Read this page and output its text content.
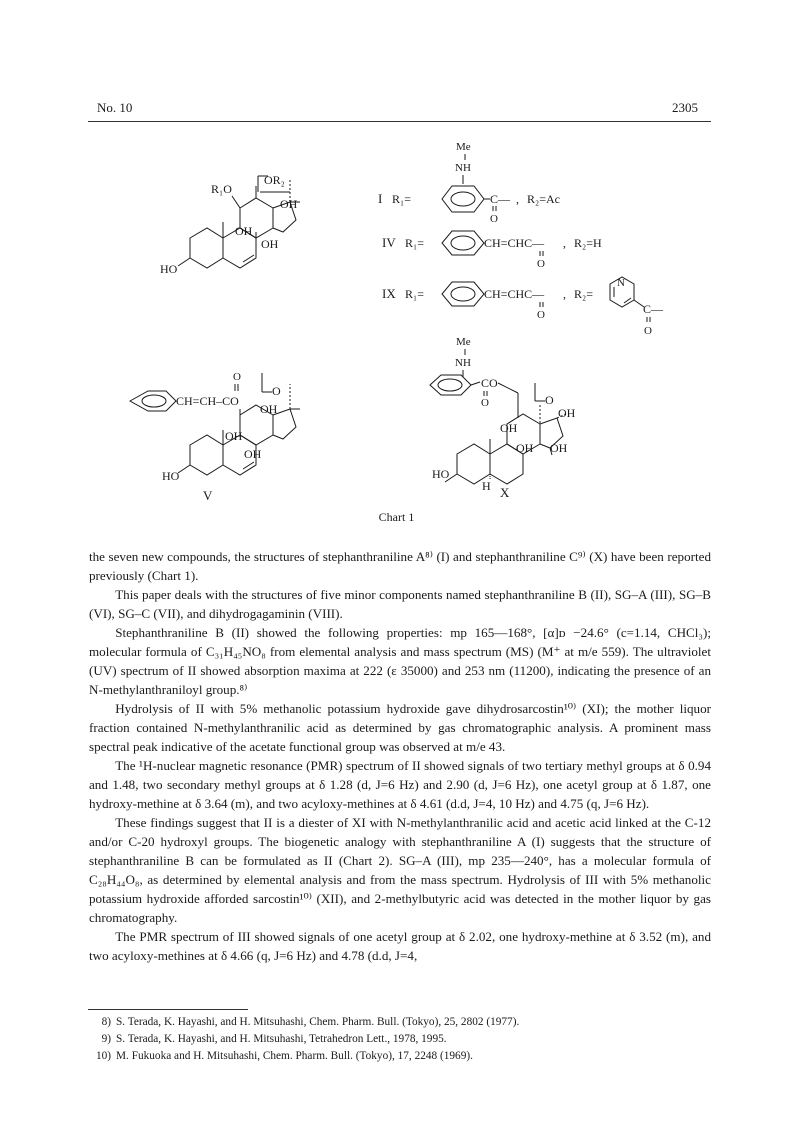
No. 10	2305
R₁O
OR₂
OH
OH
OH
HO
Me
NH
I R₁=	C—
O
, R₂=Ac
IV R₁=	CH=CHC—
O
, R₂=H
IX R₁=	CH=CHC—
O
, R₂=
N
C—
O
CH=CH–CO
O
O
OH
OH
OH
HO
V
Me
NH
CO
O	O
OH
OH
OH OH
HO
H X
Chart 1

the seven new compounds, the structures of stephanthraniline A⁸⁾ (I) and stephanthraniline C⁹⁾ (X) have been reported previously (Chart 1).

This paper deals with the structures of five minor components named stephanthraniline B (II), SG–A (III), SG–B (VI), SG–C (VII), and dihydrogagaminin (VIII).

Stephanthraniline B (II) showed the following properties: mp 165—168°, [α]ᴅ −24.6° (c=1.14, CHCl₃); molecular formula of C₃₁H₄₅NO₈ from elemental analysis and mass spectrum (MS) (M⁺ at m/e 559). The ultraviolet (UV) spectrum of II showed absorption maxima at 222 (ε 35000) and 253 nm (11200), indicating the presence of an N-methylanthraniloyl group.⁸⁾

Hydrolysis of II with 5% methanolic potassium hydroxide gave dihydrosarcostin¹⁰⁾ (XI); the mother liquor fraction contained N-methylanthranilic acid as determined by gas chromatographic analysis. A prominent mass spectral peak indicative of the acetate functional group was observed at m/e 43.

The ¹H-nuclear magnetic resonance (PMR) spectrum of II showed signals of two tertiary methyl groups at δ 0.94 and 1.48, two secondary methyl groups at δ 1.28 (d, J=6 Hz) and 2.90 (d, J=6 Hz), one acetyl group at δ 1.87, one hydroxy-methine at δ 3.64 (m), and two acyloxy-methines at δ 4.61 (d.d, J=4, 10 Hz) and 4.75 (q, J=6 Hz).

These findings suggest that II is a diester of XI with N-methylanthranilic acid and acetic acid linked at the C-12 and/or C-20 hydroxyl groups. The biogenetic analogy with stephanthraniline A (I) suggests that the structure of stephanthraniline B can be formulated as II (Chart 2). SG–A (III), mp 235—240°, has a molecular formula of C₂₈H₄₄O₈, as determined by elemental analysis and from the mass spectrum. Hydrolysis of III with 5% methanolic potassium hydroxide afforded sarcostin¹⁰⁾ (XII), and 2-methylbutyric acid was detected in the mother liquor by gas chromatography.

The PMR spectrum of III showed signals of one acetyl group at δ 2.02, one hydroxy-methine at δ 3.52 (m), and two acyloxy-methines at δ 4.66 (q, J=6 Hz) and 4.78 (d.d, J=4,

8) S. Terada, K. Hayashi, and H. Mitsuhashi, Chem. Pharm. Bull. (Tokyo), 25, 2802 (1977).
9) S. Terada, K. Hayashi, and H. Mitsuhashi, Tetrahedron Lett., 1978, 1995.
10) M. Fukuoka and H. Mitsuhashi, Chem. Pharm. Bull. (Tokyo), 17, 2248 (1969).
